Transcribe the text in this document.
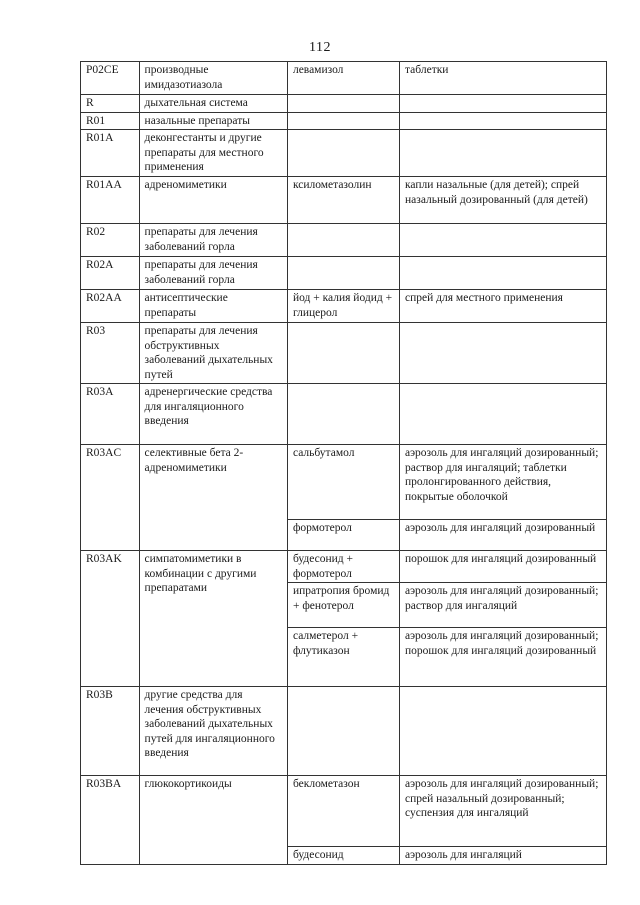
112
P02CE	производные имидазотиазола	левамизол	таблетки
R	дыхательная система		
R01	назальные препараты		
R01A	деконгестанты и другие препараты для местного применения		
R01AA	адреномиметики	ксилометазолин	капли назальные (для детей); спрей назальный дозированный (для детей)
R02	препараты для лечения заболеваний горла		
R02A	препараты для лечения заболеваний горла		
R02AA	антисептические препараты	йод + калия йодид + глицерол	спрей для местного применения
R03	препараты для лечения обструктивных заболеваний дыхательных путей		
R03A	адренергические средства для ингаляционного введения		
R03AC	селективные бета 2-адреномиметики	сальбутамол	аэрозоль для ингаляций дозированный; раствор для ингаляций; таблетки пролонгированного действия, покрытые оболочкой
		формотерол	аэрозоль для ингаляций дозированный
R03AK	симпатомиметики в комбинации с другими препаратами	будесонид + формотерол	порошок для ингаляций дозированный
		ипратропия бромид + фенотерол	аэрозоль для ингаляций дозированный; раствор для ингаляций
		салметерол + флутиказон	аэрозоль для ингаляций дозированный; порошок для ингаляций дозированный
R03B	другие средства для лечения обструктивных заболеваний дыхательных путей для ингаляционного введения		
R03BA	глюкокортикоиды	беклометазон	аэрозоль для ингаляций дозированный; спрей назальный дозированный; суспензия для ингаляций
		будесонид	аэрозоль для ингаляций
